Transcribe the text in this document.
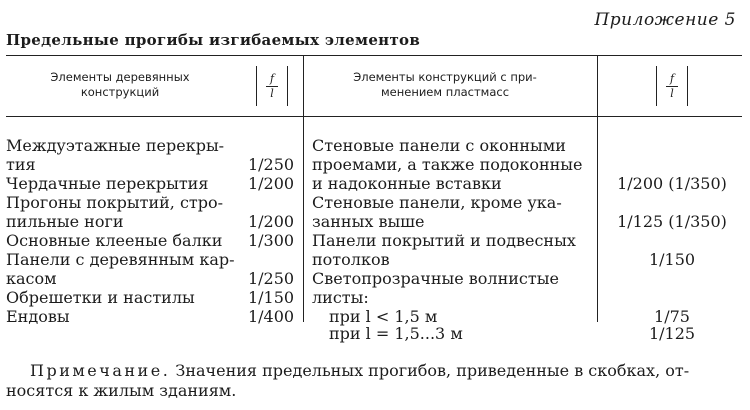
Приложение 5
Предельные прогибы изгибаемых элементов
Элементы деревянных
конструкций
f
l
Элементы конструкций с при-
менением пластмасс
f
l
Междуэтажные перекры-
тия
Чердачные перекрытия
Прогоны покрытий, стро-
пильные ноги
Основные клееные балки
Панели с деревянным кар-
касом
Обрешетки и настилы
Ендовы
1/250
1/200
1/200
1/300
1/250
1/150
1/400
Стеновые панели с оконными
проемами, а также подоконные
и надоконные вставки
Стеновые панели, кроме ука-
занных выше
Панели покрытий и подвесных
потолков
Светопрозрачные волнистые
листы:
при l < 1,5 м
при l = 1,5...3 м
1/200 (1/350)
1/125 (1/350)
1/150
1/75
1/125
Примечание. Значения предельных прогибов, приведенные в скобках, от-
носятся к жилым зданиям.
